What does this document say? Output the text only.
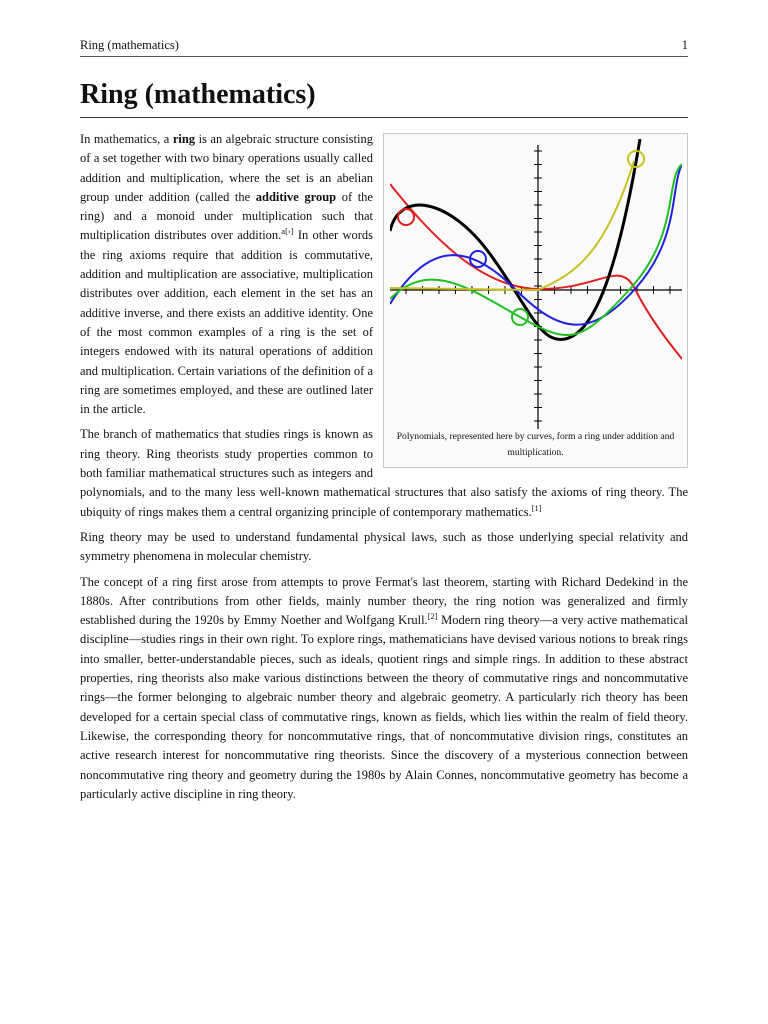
Ring (mathematics)	1
Ring (mathematics)
Polynomials, represented here by curves, form a ring under addition and multiplication.

In mathematics, a ring is an algebraic structure consisting of a set together with two binary operations usually called addition and multiplication, where the set is an abelian group under addition (called the additive group of the ring) and a monoid under multiplication such that multiplication distributes over addition.$^{a[›]}$ In other words the ring axioms require that addition is commutative, addition and multiplication are associative, multiplication distributes over addition, each element in the set has an additive inverse, and there exists an additive identity. One of the most common examples of a ring is the set of integers endowed with its natural operations of addition and multiplication. Certain variations of the definition of a ring are sometimes employed, and these are outlined later in the article.

The branch of mathematics that studies rings is known as ring theory. Ring theorists study properties common to both familiar mathematical structures such as integers and polynomials, and to the many less well-known mathematical structures that also satisfy the axioms of ring theory. The ubiquity of rings makes them a central organizing principle of contemporary mathematics.[1]

Ring theory may be used to understand fundamental physical laws, such as those underlying special relativity and symmetry phenomena in molecular chemistry.

The concept of a ring first arose from attempts to prove Fermat's last theorem, starting with Richard Dedekind in the 1880s. After contributions from other fields, mainly number theory, the ring notion was generalized and firmly established during the 1920s by Emmy Noether and Wolfgang Krull.[2] Modern ring theory—a very active mathematical discipline—studies rings in their own right. To explore rings, mathematicians have devised various notions to break rings into smaller, better-understandable pieces, such as ideals, quotient rings and simple rings. In addition to these abstract properties, ring theorists also make various distinctions between the theory of commutative rings and noncommutative rings—the former belonging to algebraic number theory and algebraic geometry. A particularly rich theory has been developed for a certain special class of commutative rings, known as fields, which lies within the realm of field theory. Likewise, the corresponding theory for noncommutative rings, that of noncommutative division rings, constitutes an active research interest for noncommutative ring theorists. Since the discovery of a mysterious connection between noncommutative ring theory and geometry during the 1980s by Alain Connes, noncommutative geometry has become a particularly active discipline in ring theory.
